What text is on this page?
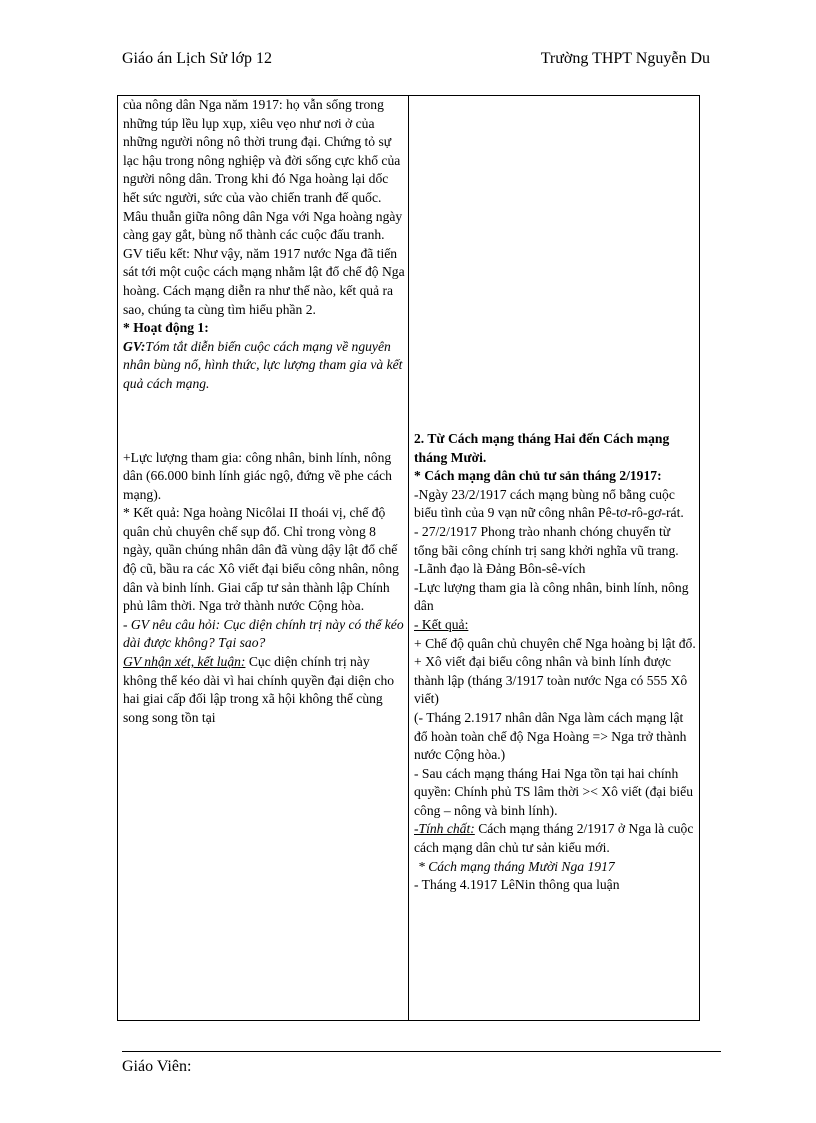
Giáo án Lịch Sử lớp 12	Trường THPT Nguyễn Du

của nông dân Nga năm 1917: họ vẫn sống trong những túp lều lụp xụp, xiêu vẹo như nơi ở của những người nông nô thời trung đại. Chứng tỏ sự lạc hậu trong nông nghiệp và đời sống cực khổ của người nông dân. Trong khi đó Nga hoàng lại dốc hết sức người, sức của vào chiến tranh đế quốc. Mâu thuẫn giữa nông dân Nga với Nga hoàng ngày càng gay gắt, bùng nổ thành các cuộc đấu tranh.

GV tiểu kết: Như vậy, năm 1917 nước Nga đã tiến sát tới một cuộc cách mạng nhằm lật đổ chế độ Nga hoàng. Cách mạng diễn ra như thế nào, kết quả ra sao, chúng ta cùng tìm hiểu phần 2.

* Hoạt động 1:

GV:Tóm tắt diễn biến cuộc cách mạng về nguyên nhân bùng nổ, hình thức, lực lượng tham gia và kết quả cách mạng.

+Lực lượng tham gia: công nhân, binh lính, nông dân (66.000 binh lính giác ngộ, đứng về phe cách mạng).

* Kết quả: Nga hoàng Nicôlai II thoái vị, chế độ quân chủ chuyên chế sụp đổ. Chỉ trong vòng 8 ngày, quần chúng nhân dân đã vùng dậy lật đổ chế độ cũ, bầu ra các Xô viết đại biểu công nhân, nông dân và binh lính. Giai cấp tư sản thành lập Chính phủ lâm thời. Nga trở thành nước Cộng hòa.

- GV nêu câu hỏi: Cục diện chính trị này có thể kéo dài được không? Tại sao?

GV nhận xét, kết luận: Cục diện chính trị này không thể kéo dài vì hai chính quyền đại diện cho hai giai cấp đối lập trong xã hội không thể cùng song song tồn tại

2. Từ Cách mạng tháng Hai đến Cách mạng tháng Mười.

* Cách mạng dân chủ tư sản tháng 2/1917:

-Ngày 23/2/1917 cách mạng bùng nổ bằng cuộc biểu tình của 9 vạn nữ công nhân Pê-tơ-rô-gơ-rát.

- 27/2/1917 Phong trào nhanh chóng chuyển từ tổng bãi công chính trị sang khởi nghĩa vũ trang.

-Lãnh đạo là Đảng Bôn-sê-vích

-Lực lượng tham gia là công nhân, binh lính, nông dân

- Kết quả:

+ Chế độ quân chủ chuyên chế Nga hoàng bị lật đổ.

+ Xô viết đại biểu công nhân và binh lính được thành lập (tháng 3/1917 toàn nước Nga có 555 Xô viết)

(- Tháng 2.1917 nhân dân Nga làm cách mạng lật đổ hoàn toàn chế độ Nga Hoàng => Nga trở thành nước Cộng hòa.)

- Sau cách mạng tháng Hai Nga tồn tại hai chính quyền: Chính phủ TS lâm thời >< Xô viết (đại biểu công – nông và binh lính).

-Tính chất: Cách mạng tháng 2/1917 ở Nga là cuộc cách mạng dân chủ tư sản kiểu mới.

* Cách mạng tháng Mười Nga 1917

- Tháng 4.1917 LêNin thông qua luận

Giáo Viên:
